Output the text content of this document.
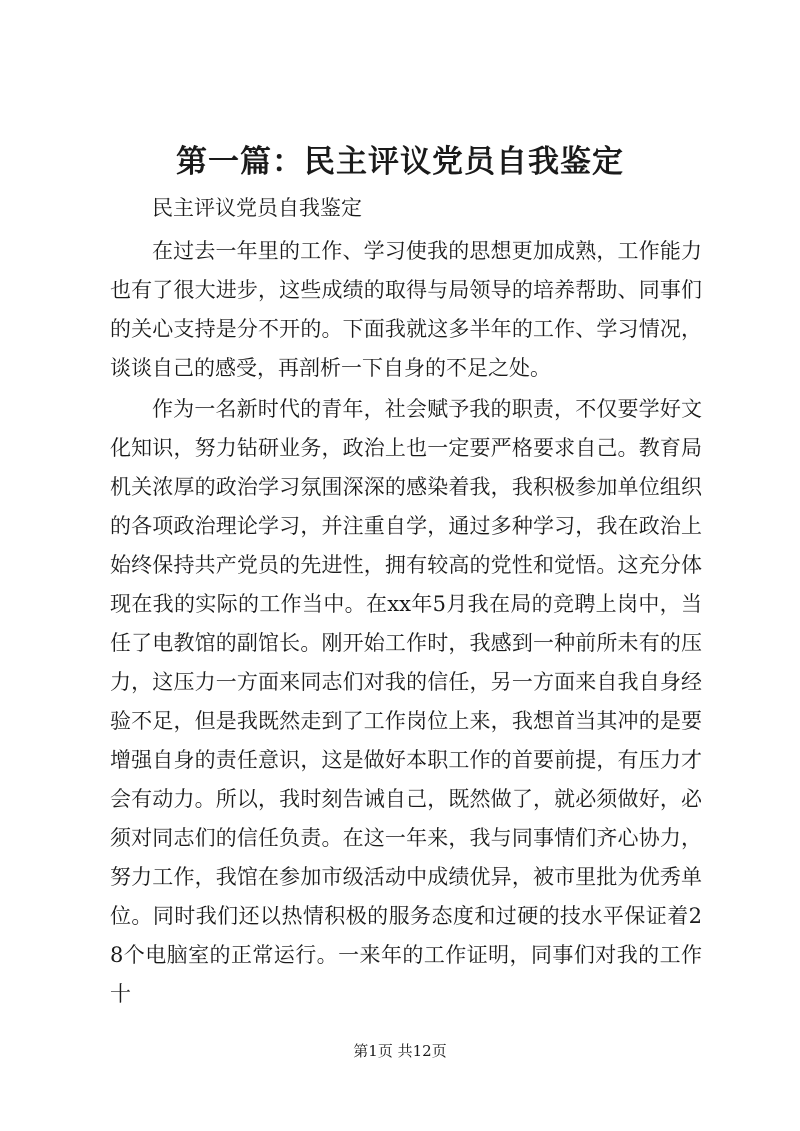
第一篇：民主评议党员自我鉴定
民主评议党员自我鉴定

在过去一年里的工作、学习使我的思想更加成熟，工作能力也有了很大进步，这些成绩的取得与局领导的培养帮助、同事们的关心支持是分不开的。下面我就这多半年的工作、学习情况，谈谈自己的感受，再剖析一下自身的不足之处。

作为一名新时代的青年，社会赋予我的职责，不仅要学好文化知识，努力钻研业务，政治上也一定要严格要求自己。教育局机关浓厚的政治学习氛围深深的感染着我，我积极参加单位组织的各项政治理论学习，并注重自学，通过多种学习，我在政治上始终保持共产党员的先进性，拥有较高的党性和觉悟。这充分体现在我的实际的工作当中。在xx年5月我在局的竞聘上岗中，当任了电教馆的副馆长。刚开始工作时，我感到一种前所未有的压力，这压力一方面来同志们对我的信任，另一方面来自我自身经验不足，但是我既然走到了工作岗位上来，我想首当其冲的是要增强自身的责任意识，这是做好本职工作的首要前提，有压力才会有动力。所以，我时刻告诫自己，既然做了，就必须做好，必须对同志们的信任负责。在这一年来，我与同事情们齐心协力，努力工作，我馆在参加市级活动中成绩优异，被市里批为优秀单位。同时我们还以热情积极的服务态度和过硬的技水平保证着28个电脑室的正常运行。一来年的工作证明，同事们对我的工作十

第1页 共12页
